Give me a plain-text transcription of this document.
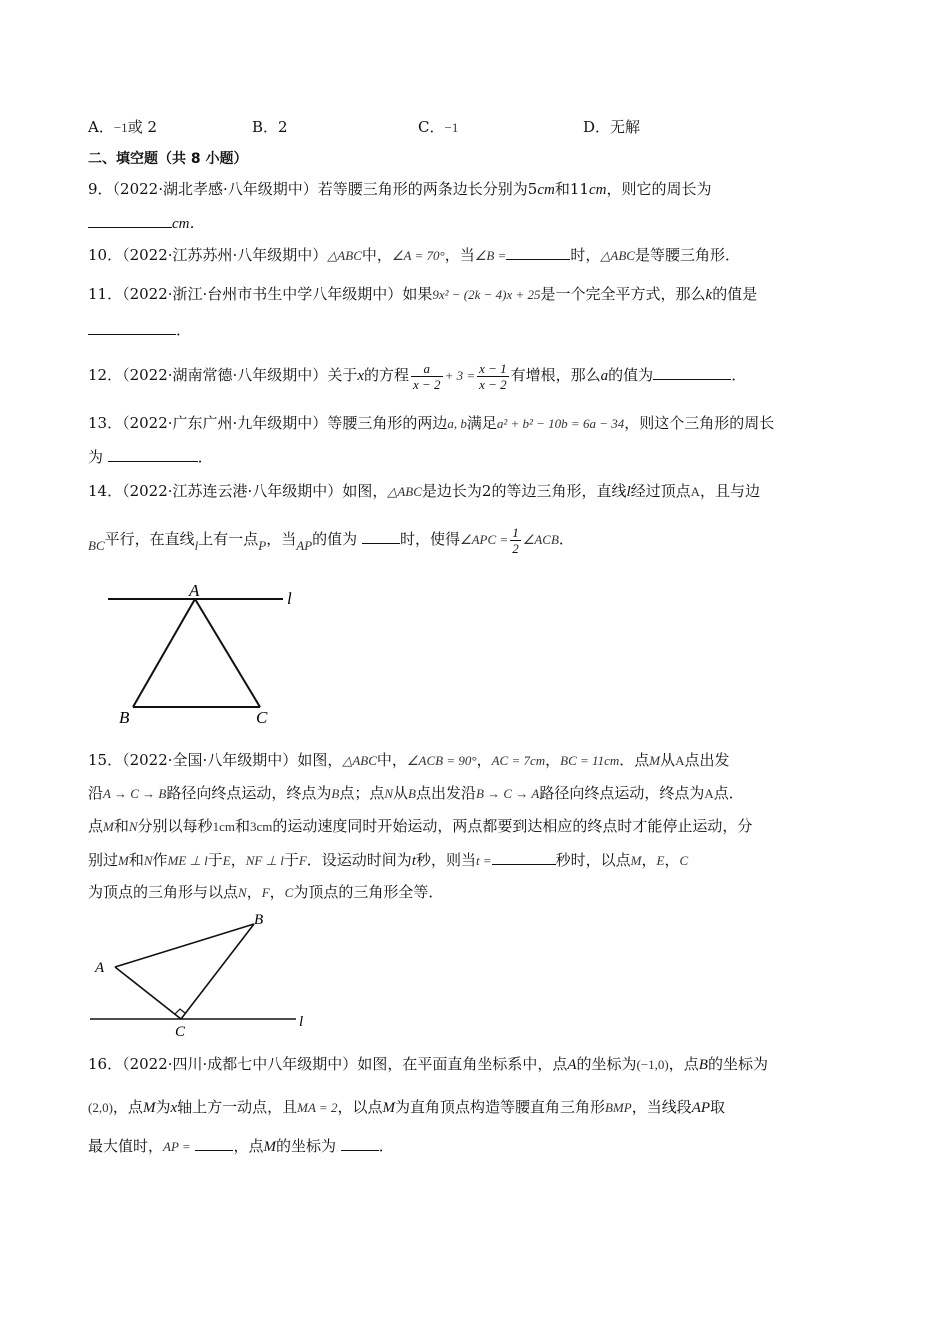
A．−1或 2	B．2	C．−1	D．无解
二、填空题（共 8 小题）
9．（2022·湖北孝感·八年级期中）若等腰三角形的两条边长分别为5cm和11cm，则它的周长为
cm．
10．（2022·江苏苏州·八年级期中）△ABC中，∠A = 70°，当∠B =	时，△ABC是等腰三角形．
11．（2022·浙江·台州市书生中学八年级期中）如果9x² − (2k − 4)x + 25是一个完全平方式，那么k的值是
．
12．（2022·湖南常德·八年级期中）关于x的方程 $\frac{a}{x - 2} + 3 = \frac{x - 1}{x - 2}$ 有增根，那么a的值为	．
13．（2022·广东广州·九年级期中）等腰三角形的两边a, b满足a² + b² − 10b = 6a − 34，则这个三角形的周长
为	．
14．（2022·江苏连云港·八年级期中）如图，△ABC是边长为2的等边三角形，直线l经过顶点A，且与边
BC平行，在直线l上有一点P，当AP的值为	时，使得∠APC = $\frac{1}{2}$ ∠ACB．
A	l
B	C
15．（2022·全国·八年级期中）如图，△ABC中，∠ACB = 90°，AC = 7cm，BC = 11cm．点M从A点出发
沿A → C → B路径向终点运动，终点为B点；点N从B点出发沿B → C → A路径向终点运动，终点为A点．
点M和N分别以每秒1cm和3cm的运动速度同时开始运动，两点都要到达相应的终点时才能停止运动，分
别过M和N作ME ⊥ l于E，NF ⊥ l于F．设运动时间为t秒，则当t =	秒时，以点M，E，C
为顶点的三角形与以点N，F，C为顶点的三角形全等．
A
B
C
l
16．（2022·四川·成都七中八年级期中）如图，在平面直角坐标系中，点A的坐标为(−1,0)，点B的坐标为
(2,0)，点M为x轴上方一动点，且MA = 2，以点M为直角顶点构造等腰直角三角形BMP，当线段AP取
最大值时，AP =	，点M的坐标为	．
